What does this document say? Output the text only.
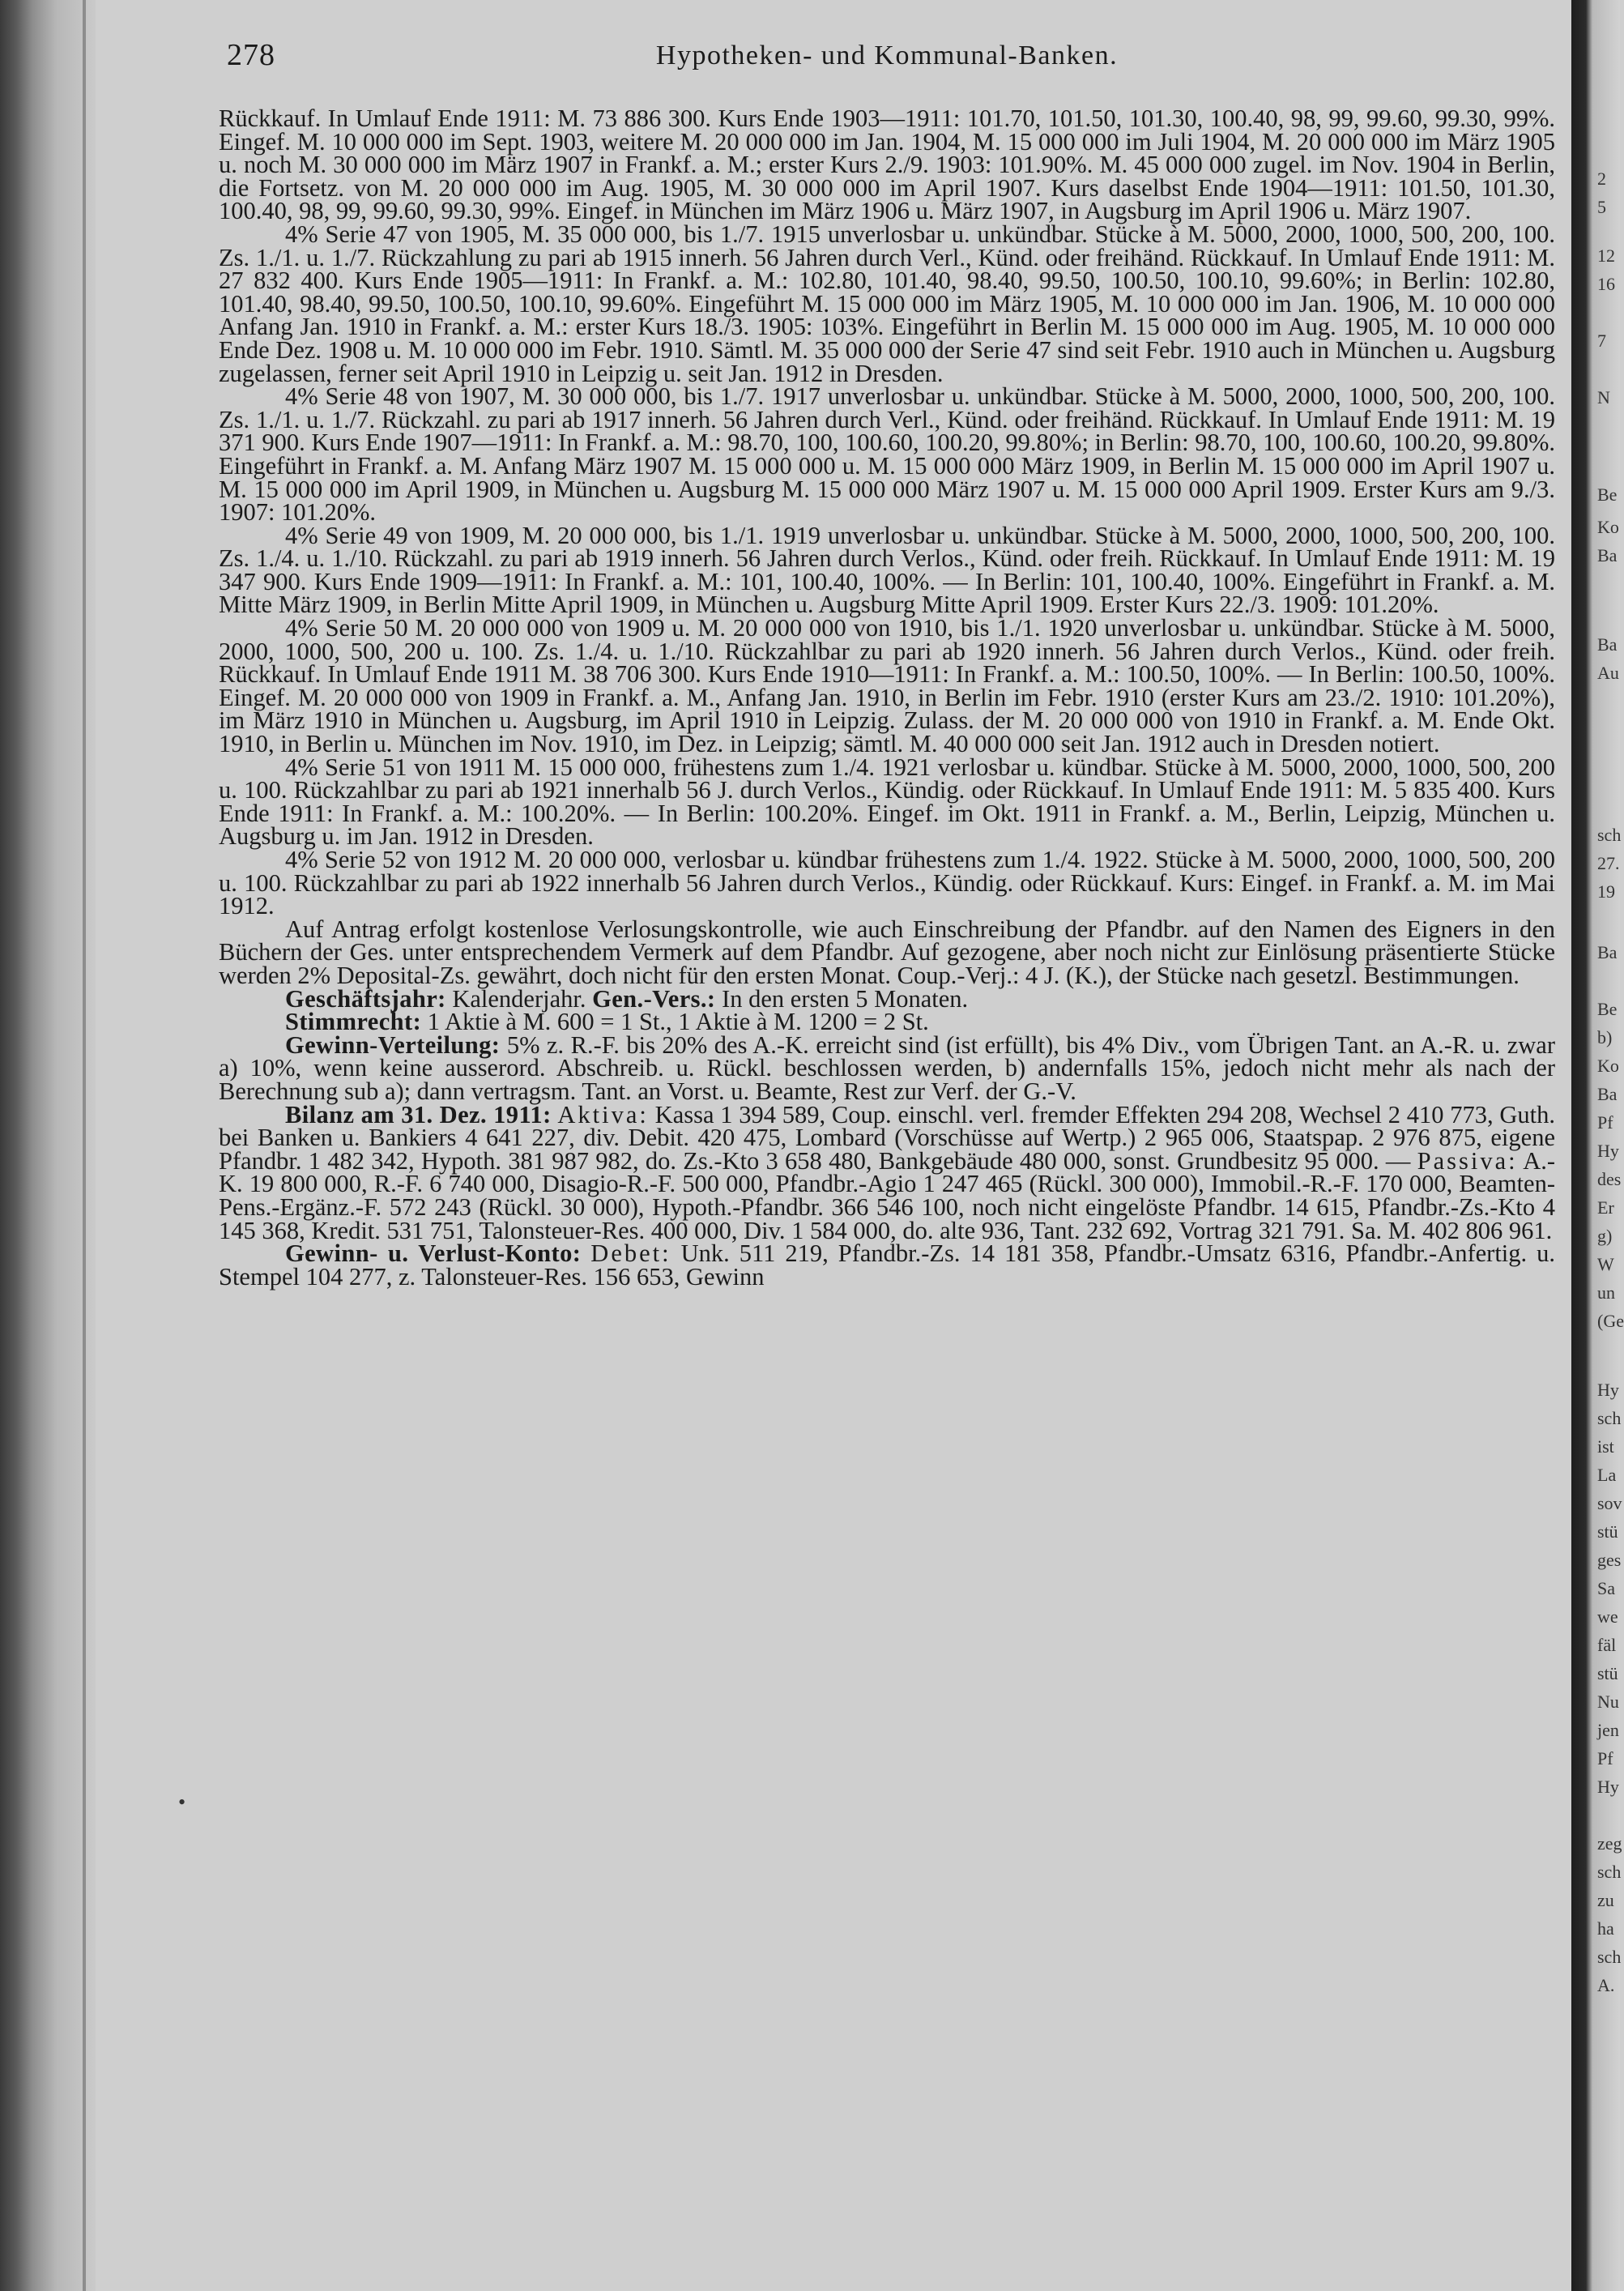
•
2
5
12
16
7
N
Be
Ko
Ba
Ba
Au
sch
27.
19
Ba
Be
b)
Ko
Ba
Pf
Hy
des
Er
g)
W
un
(Ge
Hy
sch
ist
La
sov
stü
ges
Sa
we
fäl
stü
Nu
jen
Pf
Hy
zeg
sch
zu
ha
sch
A.
278	Hypotheken- und Kommunal-Banken.

Rückkauf. In Umlauf Ende 1911: M. 73 886 300. Kurs Ende 1903—1911: 101.70, 101.50, 101.30, 100.40, 98, 99, 99.60, 99.30, 99%. Eingef. M. 10 000 000 im Sept. 1903, weitere M. 20 000 000 im Jan. 1904, M. 15 000 000 im Juli 1904, M. 20 000 000 im März 1905 u. noch M. 30 000 000 im März 1907 in Frankf. a. M.; erster Kurs 2./9. 1903: 101.90%. M. 45 000 000 zugel. im Nov. 1904 in Berlin, die Fortsetz. von M. 20 000 000 im Aug. 1905, M. 30 000 000 im April 1907. Kurs daselbst Ende 1904—1911: 101.50, 101.30, 100.40, 98, 99, 99.60, 99.30, 99%. Eingef. in München im März 1906 u. März 1907, in Augsburg im April 1906 u. März 1907.

4% Serie 47 von 1905, M. 35 000 000, bis 1./7. 1915 unverlosbar u. unkündbar. Stücke à M. 5000, 2000, 1000, 500, 200, 100. Zs. 1./1. u. 1./7. Rückzahlung zu pari ab 1915 innerh. 56 Jahren durch Verl., Künd. oder freihänd. Rückkauf. In Umlauf Ende 1911: M. 27 832 400. Kurs Ende 1905—1911: In Frankf. a. M.: 102.80, 101.40, 98.40, 99.50, 100.50, 100.10, 99.60%; in Berlin: 102.80, 101.40, 98.40, 99.50, 100.50, 100.10, 99.60%. Eingeführt M. 15 000 000 im März 1905, M. 10 000 000 im Jan. 1906, M. 10 000 000 Anfang Jan. 1910 in Frankf. a. M.: erster Kurs 18./3. 1905: 103%. Eingeführt in Berlin M. 15 000 000 im Aug. 1905, M. 10 000 000 Ende Dez. 1908 u. M. 10 000 000 im Febr. 1910. Sämtl. M. 35 000 000 der Serie 47 sind seit Febr. 1910 auch in München u. Augsburg zugelassen, ferner seit April 1910 in Leipzig u. seit Jan. 1912 in Dresden.

4% Serie 48 von 1907, M. 30 000 000, bis 1./7. 1917 unverlosbar u. unkündbar. Stücke à M. 5000, 2000, 1000, 500, 200, 100. Zs. 1./1. u. 1./7. Rückzahl. zu pari ab 1917 innerh. 56 Jahren durch Verl., Künd. oder freihänd. Rückkauf. In Umlauf Ende 1911: M. 19 371 900. Kurs Ende 1907—1911: In Frankf. a. M.: 98.70, 100, 100.60, 100.20, 99.80%; in Berlin: 98.70, 100, 100.60, 100.20, 99.80%. Eingeführt in Frankf. a. M. Anfang März 1907 M. 15 000 000 u. M. 15 000 000 März 1909, in Berlin M. 15 000 000 im April 1907 u. M. 15 000 000 im April 1909, in München u. Augsburg M. 15 000 000 März 1907 u. M. 15 000 000 April 1909. Erster Kurs am 9./3. 1907: 101.20%.

4% Serie 49 von 1909, M. 20 000 000, bis 1./1. 1919 unverlosbar u. unkündbar. Stücke à M. 5000, 2000, 1000, 500, 200, 100. Zs. 1./4. u. 1./10. Rückzahl. zu pari ab 1919 innerh. 56 Jahren durch Verlos., Künd. oder freih. Rückkauf. In Umlauf Ende 1911: M. 19 347 900. Kurs Ende 1909—1911: In Frankf. a. M.: 101, 100.40, 100%. — In Berlin: 101, 100.40, 100%. Eingeführt in Frankf. a. M. Mitte März 1909, in Berlin Mitte April 1909, in München u. Augsburg Mitte April 1909. Erster Kurs 22./3. 1909: 101.20%.

4% Serie 50 M. 20 000 000 von 1909 u. M. 20 000 000 von 1910, bis 1./1. 1920 unverlosbar u. unkündbar. Stücke à M. 5000, 2000, 1000, 500, 200 u. 100. Zs. 1./4. u. 1./10. Rückzahlbar zu pari ab 1920 innerh. 56 Jahren durch Verlos., Künd. oder freih. Rückkauf. In Umlauf Ende 1911 M. 38 706 300. Kurs Ende 1910—1911: In Frankf. a. M.: 100.50, 100%. — In Berlin: 100.50, 100%. Eingef. M. 20 000 000 von 1909 in Frankf. a. M., Anfang Jan. 1910, in Berlin im Febr. 1910 (erster Kurs am 23./2. 1910: 101.20%), im März 1910 in München u. Augsburg, im April 1910 in Leipzig. Zulass. der M. 20 000 000 von 1910 in Frankf. a. M. Ende Okt. 1910, in Berlin u. München im Nov. 1910, im Dez. in Leipzig; sämtl. M. 40 000 000 seit Jan. 1912 auch in Dresden notiert.

4% Serie 51 von 1911 M. 15 000 000, frühestens zum 1./4. 1921 verlosbar u. kündbar. Stücke à M. 5000, 2000, 1000, 500, 200 u. 100. Rückzahlbar zu pari ab 1921 innerhalb 56 J. durch Verlos., Kündig. oder Rückkauf. In Umlauf Ende 1911: M. 5 835 400. Kurs Ende 1911: In Frankf. a. M.: 100.20%. — In Berlin: 100.20%. Eingef. im Okt. 1911 in Frankf. a. M., Berlin, Leipzig, München u. Augsburg u. im Jan. 1912 in Dresden.

4% Serie 52 von 1912 M. 20 000 000, verlosbar u. kündbar frühestens zum 1./4. 1922. Stücke à M. 5000, 2000, 1000, 500, 200 u. 100. Rückzahlbar zu pari ab 1922 innerhalb 56 Jahren durch Verlos., Kündig. oder Rückkauf. Kurs: Eingef. in Frankf. a. M. im Mai 1912.

Auf Antrag erfolgt kostenlose Verlosungskontrolle, wie auch Einschreibung der Pfandbr. auf den Namen des Eigners in den Büchern der Ges. unter entsprechendem Vermerk auf dem Pfandbr. Auf gezogene, aber noch nicht zur Einlösung präsentierte Stücke werden 2% Deposital-Zs. gewährt, doch nicht für den ersten Monat. Coup.-Verj.: 4 J. (K.), der Stücke nach gesetzl. Bestimmungen.

Geschäftsjahr: Kalenderjahr. Gen.-Vers.: In den ersten 5 Monaten.

Stimmrecht: 1 Aktie à M. 600 = 1 St., 1 Aktie à M. 1200 = 2 St.

Gewinn-Verteilung: 5% z. R.-F. bis 20% des A.-K. erreicht sind (ist erfüllt), bis 4% Div., vom Übrigen Tant. an A.-R. u. zwar a) 10%, wenn keine ausserord. Abschreib. u. Rückl. beschlossen werden, b) andernfalls 15%, jedoch nicht mehr als nach der Berechnung sub a); dann vertragsm. Tant. an Vorst. u. Beamte, Rest zur Verf. der G.-V.

Bilanz am 31. Dez. 1911: Aktiva: Kassa 1 394 589, Coup. einschl. verl. fremder Effekten 294 208, Wechsel 2 410 773, Guth. bei Banken u. Bankiers 4 641 227, div. Debit. 420 475, Lombard (Vorschüsse auf Wertp.) 2 965 006, Staatspap. 2 976 875, eigene Pfandbr. 1 482 342, Hypoth. 381 987 982, do. Zs.-Kto 3 658 480, Bankgebäude 480 000, sonst. Grundbesitz 95 000. — Passiva: A.-K. 19 800 000, R.-F. 6 740 000, Disagio-R.-F. 500 000, Pfandbr.-Agio 1 247 465 (Rückl. 300 000), Immobil.-R.-F. 170 000, Beamten-Pens.-Ergänz.-F. 572 243 (Rückl. 30 000), Hypoth.-Pfandbr. 366 546 100, noch nicht eingelöste Pfandbr. 14 615, Pfandbr.-Zs.-Kto 4 145 368, Kredit. 531 751, Talonsteuer-Res. 400 000, Div. 1 584 000, do. alte 936, Tant. 232 692, Vortrag 321 791. Sa. M. 402 806 961.

Gewinn- u. Verlust-Konto: Debet: Unk. 511 219, Pfandbr.-Zs. 14 181 358, Pfandbr.-Umsatz 6316, Pfandbr.-Anfertig. u. Stempel 104 277, z. Talonsteuer-Res. 156 653, Gewinn
